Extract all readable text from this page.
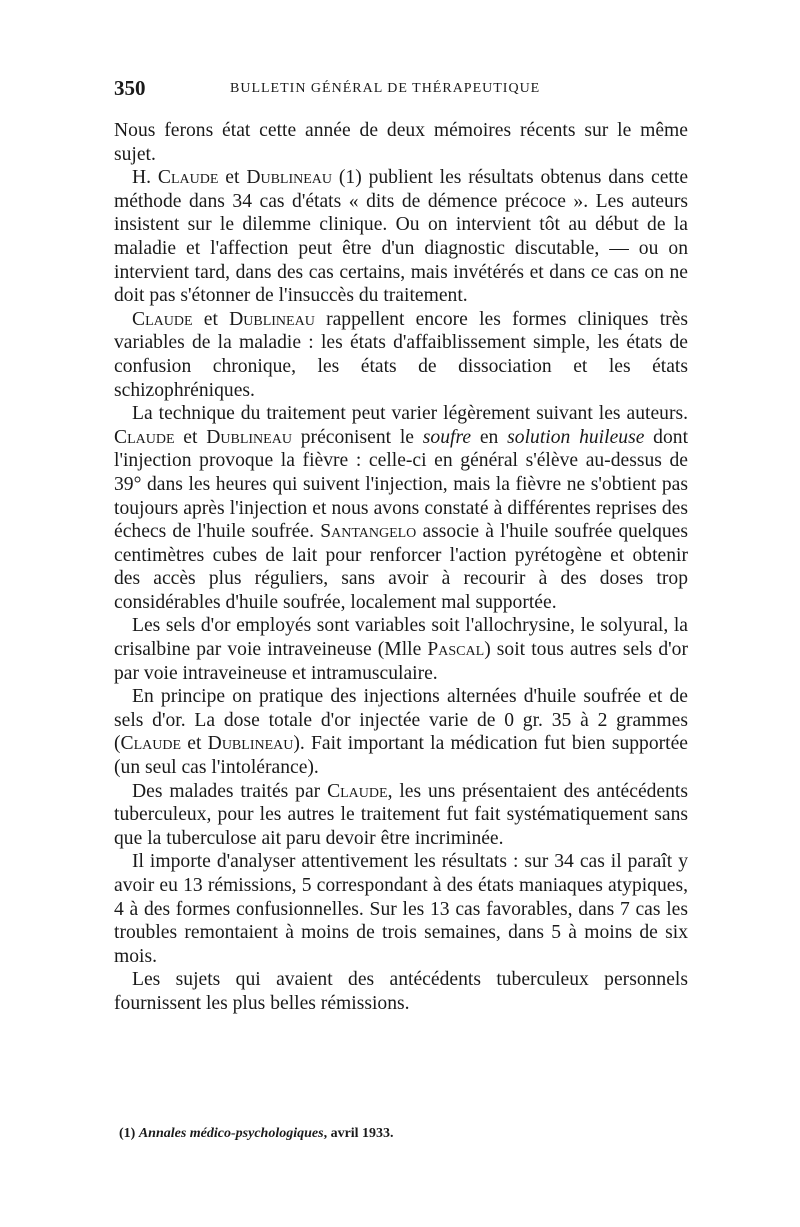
350	BULLETIN GÉNÉRAL DE THÉRAPEUTIQUE

Nous ferons état cette année de deux mémoires récents sur le même sujet.

H. Claude et Dublineau (1) publient les résultats obtenus dans cette méthode dans 34 cas d'états « dits de démence précoce ». Les auteurs insistent sur le dilemme clinique. Ou on intervient tôt au début de la maladie et l'affection peut être d'un diagnostic discutable, — ou on intervient tard, dans des cas certains, mais invétérés et dans ce cas on ne doit pas s'étonner de l'insuccès du traitement.

Claude et Dublineau rappellent encore les formes cliniques très variables de la maladie : les états d'affaiblissement simple, les états de confusion chronique, les états de dissociation et les états schizophréniques.

La technique du traitement peut varier légèrement suivant les auteurs. Claude et Dublineau préconisent le soufre en solution huileuse dont l'injection provoque la fièvre : celle-ci en général s'élève au-dessus de 39° dans les heures qui suivent l'injection, mais la fièvre ne s'obtient pas toujours après l'injection et nous avons constaté à différentes reprises des échecs de l'huile soufrée. Santangelo associe à l'huile soufrée quelques centimètres cubes de lait pour renforcer l'action pyrétogène et obtenir des accès plus réguliers, sans avoir à recourir à des doses trop considérables d'huile soufrée, localement mal supportée.

Les sels d'or employés sont variables soit l'allochrysine, le solyural, la crisalbine par voie intraveineuse (Mlle Pascal) soit tous autres sels d'or par voie intraveineuse et intramusculaire.

En principe on pratique des injections alternées d'huile soufrée et de sels d'or. La dose totale d'or injectée varie de 0 gr. 35 à 2 grammes (Claude et Dublineau). Fait important la médication fut bien supportée (un seul cas l'intolérance).

Des malades traités par Claude, les uns présentaient des antécédents tuberculeux, pour les autres le traitement fut fait systématiquement sans que la tuberculose ait paru devoir être incriminée.

Il importe d'analyser attentivement les résultats : sur 34 cas il paraît y avoir eu 13 rémissions, 5 correspondant à des états maniaques atypiques, 4 à des formes confusionnelles. Sur les 13 cas favorables, dans 7 cas les troubles remontaient à moins de trois semaines, dans 5 à moins de six mois.

Les sujets qui avaient des antécédents tuberculeux personnels fournissent les plus belles rémissions.

(1) Annales médico-psychologiques, avril 1933.
